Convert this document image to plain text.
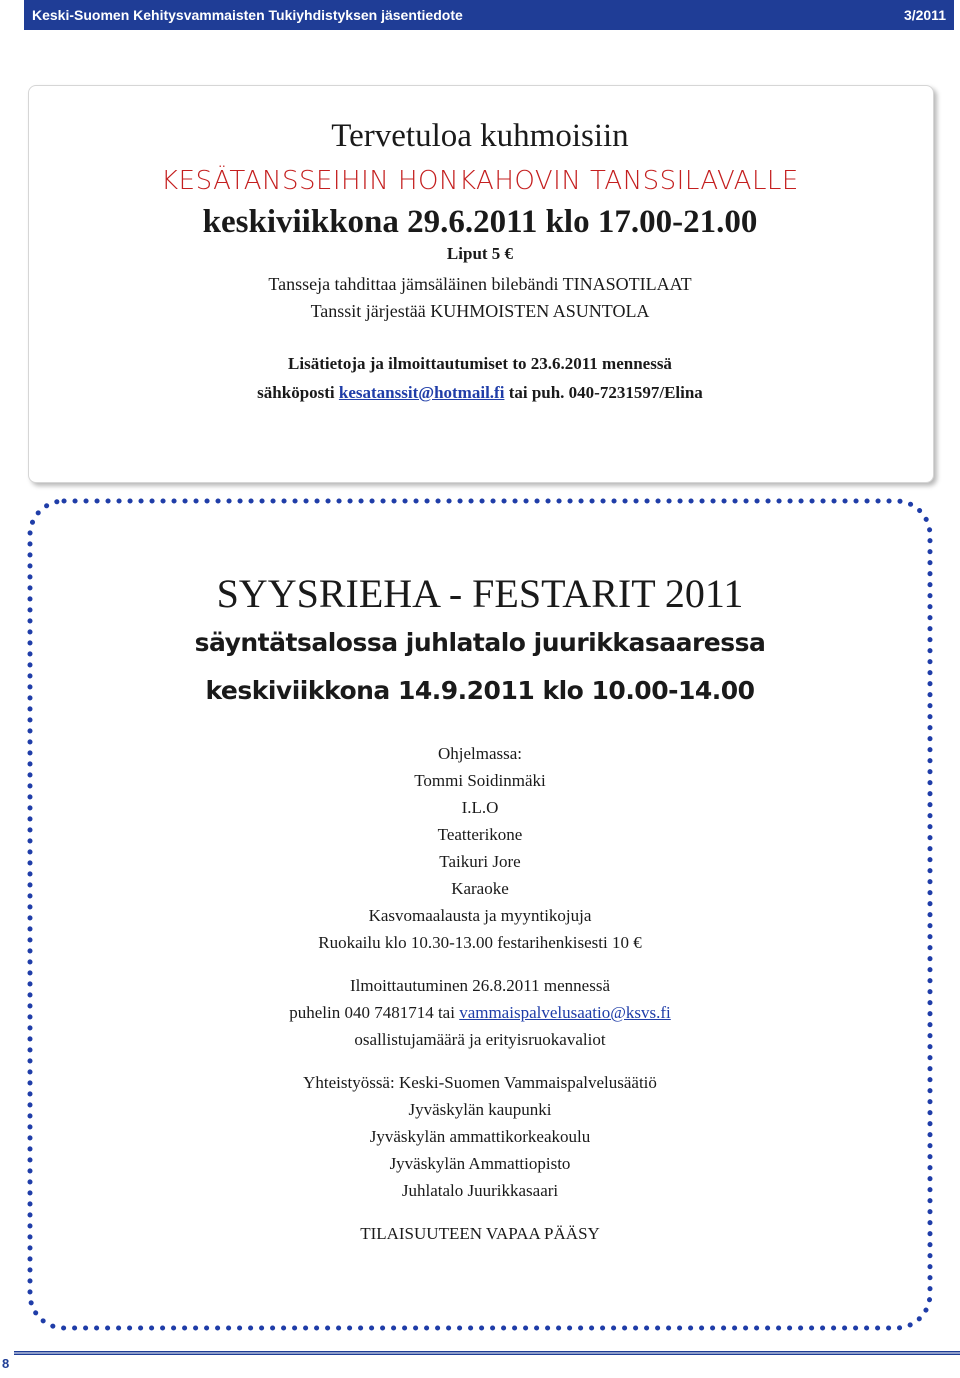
Keski-Suomen Kehitysvammaisten Tukiyhdistyksen jäsentiedote	3/2011
Tervetuloa kuhmoisiin
KESÄTANSSEIHIN HONKAHOVIN TANSSILAVALLE
keskiviikkona 29.6.2011 klo 17.00-21.00
Liput 5 €
Tansseja tahdittaa jämsäläinen bilebändi TINASOTILAAT
Tanssit järjestää KUHMOISTEN ASUNTOLA
Lisätietoja ja ilmoittautumiset to 23.6.2011 mennessä
sähköposti kesatanssit@hotmail.fi tai puh. 040-7231597/Elina
SYYSRIEHA - FESTARIT 2011
säyntätsalossa juhlatalo juurikkasaaressa
keskiviikkona 14.9.2011 klo 10.00-14.00
Ohjelmassa:
Tommi Soidinmäki
I.L.O
Teatterikone
Taikuri Jore
Karaoke
Kasvomaalausta ja myyntikojuja
Ruokailu klo 10.30-13.00 festarihenkisesti 10 €
Ilmoittautuminen 26.8.2011 mennessä
puhelin 040 7481714 tai vammaispalvelusaatio@ksvs.fi
osallistujamäärä ja erityisruokavaliot
Yhteistyössä: Keski-Suomen Vammaispalvelusäätiö
Jyväskylän kaupunki
Jyväskylän ammattikorkeakoulu
Jyväskylän Ammattiopisto
Juhlatalo Juurikkasaari
TILAISUUTEEN VAPAA PÄÄSY
8
